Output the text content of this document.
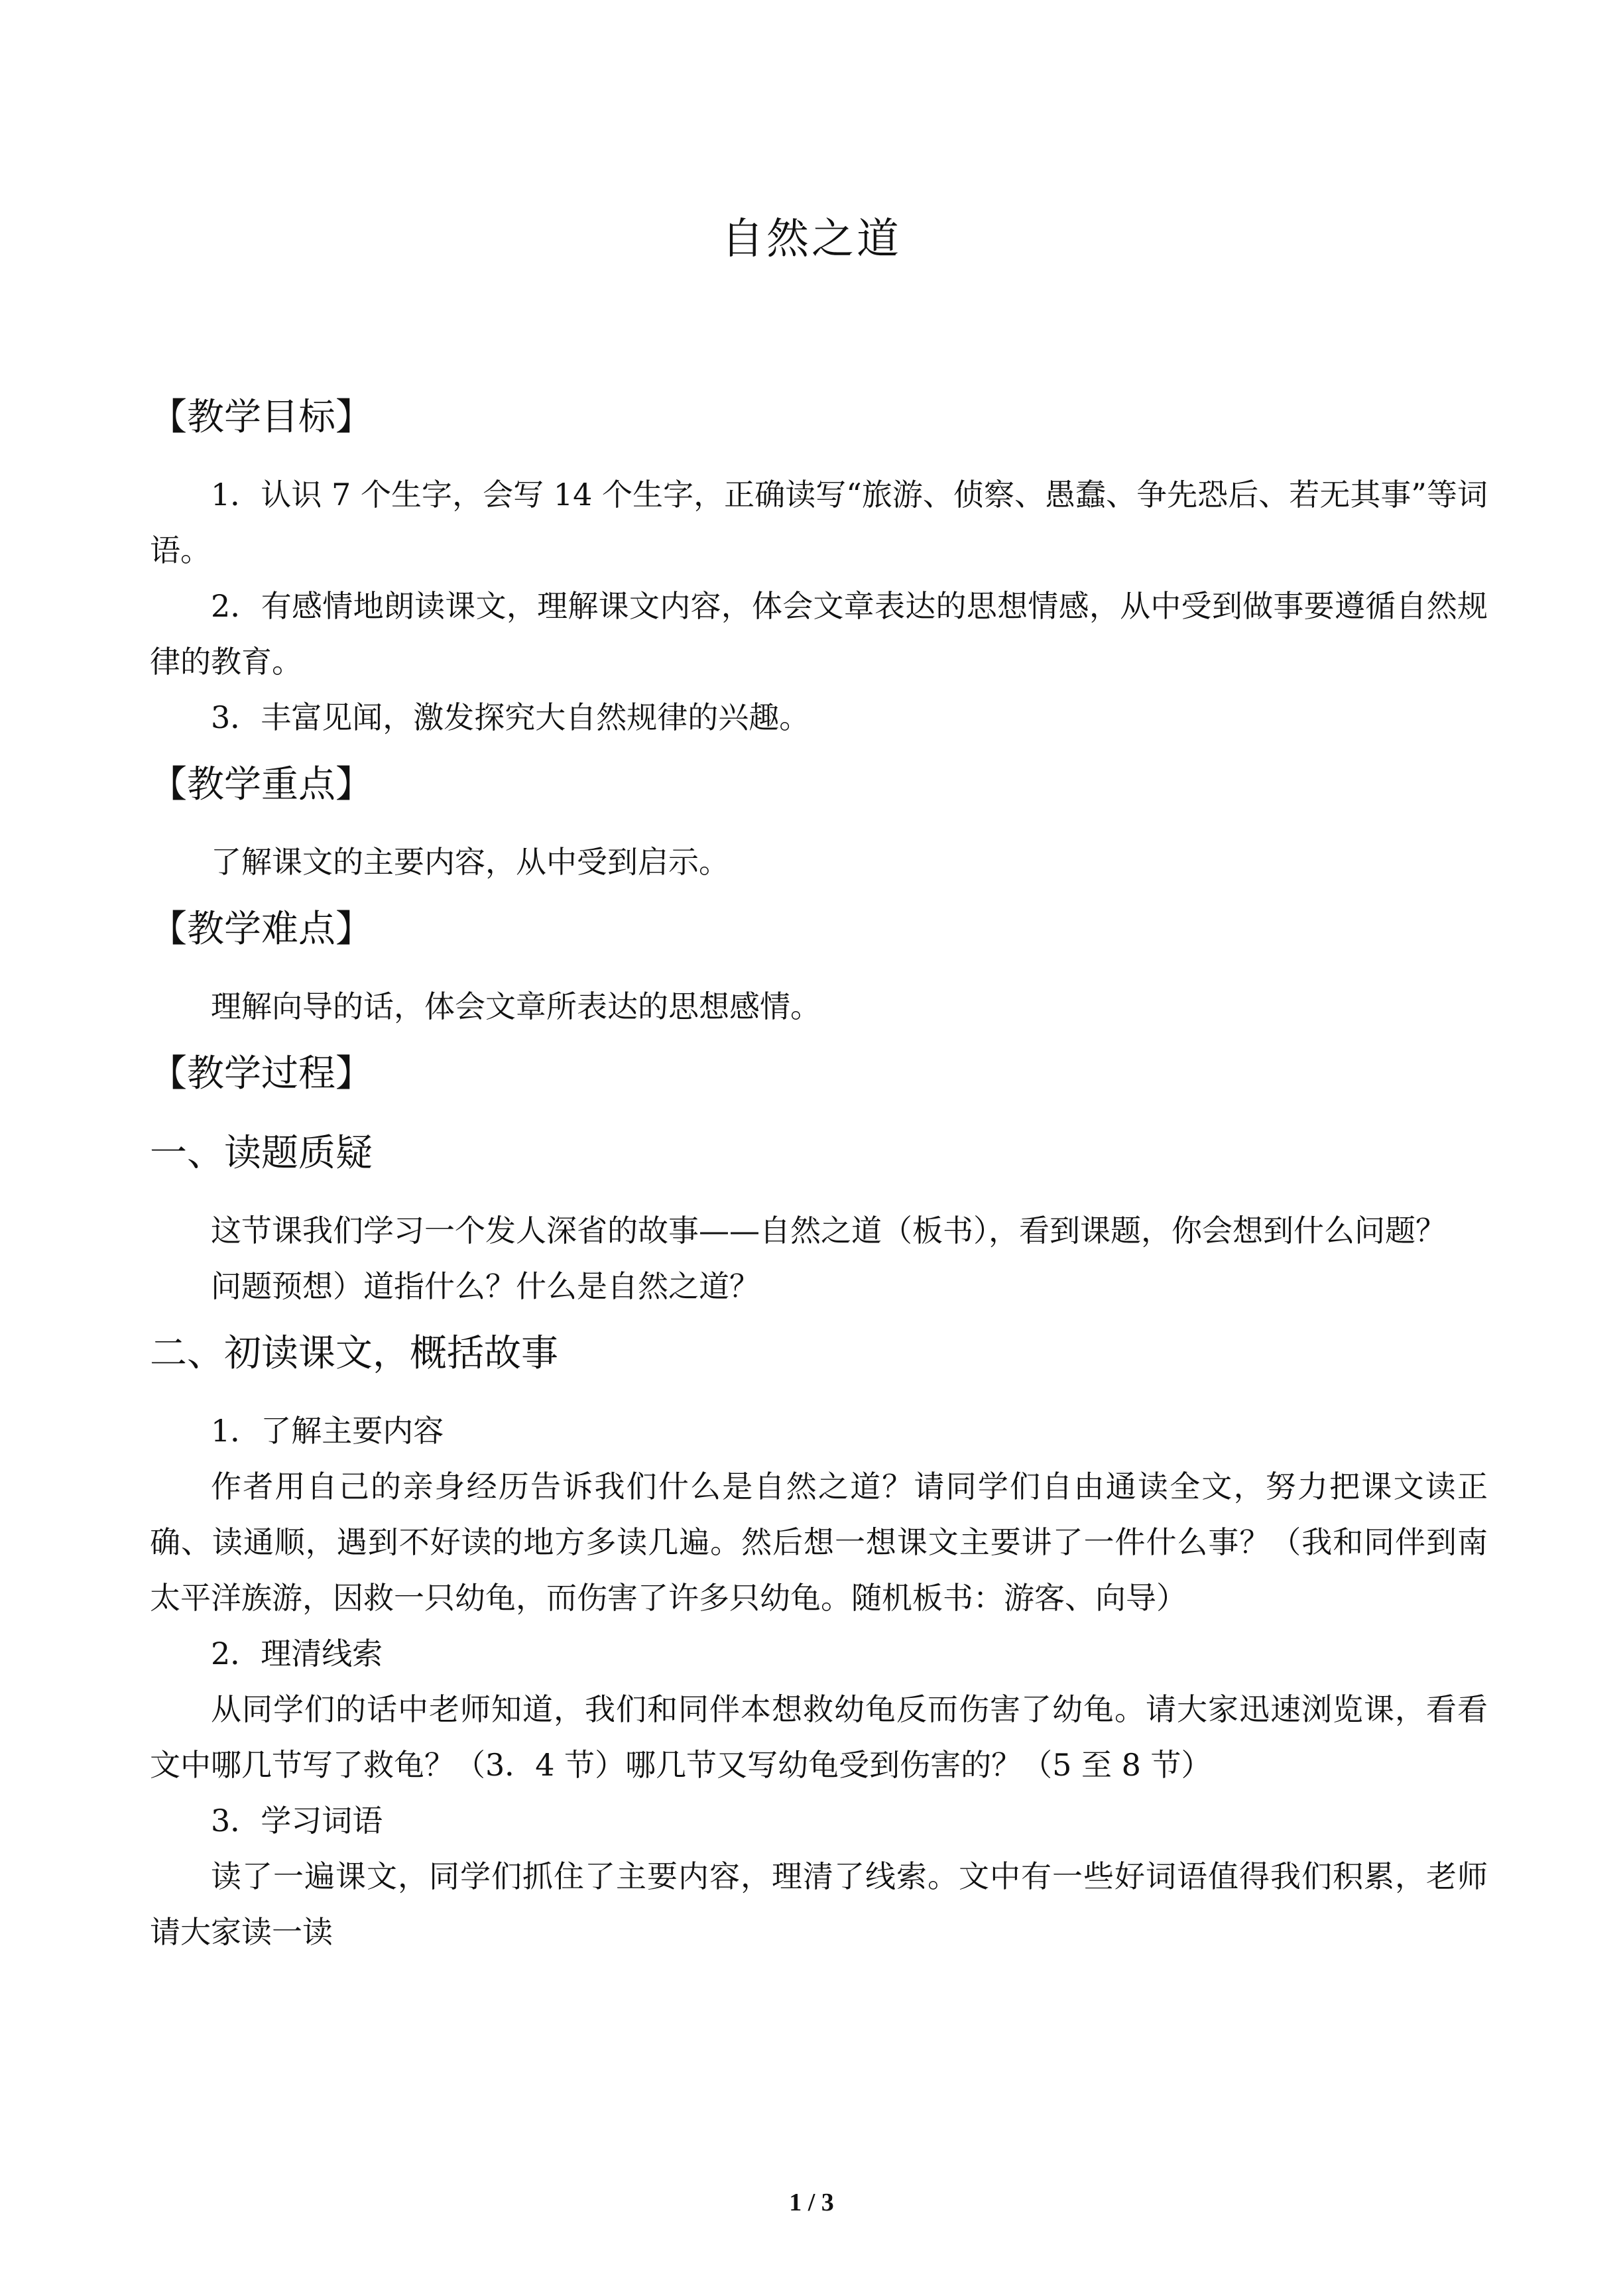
自然之道
【教学目标】

1．认识 7 个生字，会写 14 个生字，正确读写“旅游、侦察、愚蠢、争先恐后、若无其事”等词语。

2．有感情地朗读课文，理解课文内容，体会文章表达的思想情感，从中受到做事要遵循自然规律的教育。

3．丰富见闻，激发探究大自然规律的兴趣。

【教学重点】

了解课文的主要内容，从中受到启示。

【教学难点】

理解向导的话，体会文章所表达的思想感情。

【教学过程】
一、读题质疑

这节课我们学习一个发人深省的故事——自然之道（板书），看到课题，你会想到什么问题？

问题预想）道指什么？什么是自然之道？

二、初读课文，概括故事

1．了解主要内容

作者用自己的亲身经历告诉我们什么是自然之道？请同学们自由通读全文，努力把课文读正确、读通顺，遇到不好读的地方多读几遍。然后想一想课文主要讲了一件什么事？（我和同伴到南太平洋族游，因救一只幼龟，而伤害了许多只幼龟。随机板书：游客、向导）

2．理清线索

从同学们的话中老师知道，我们和同伴本想救幼龟反而伤害了幼龟。请大家迅速浏览课，看看文中哪几节写了救龟？（3．4 节）哪几节又写幼龟受到伤害的？（5 至 8 节）

3．学习词语

读了一遍课文，同学们抓住了主要内容，理清了线索。文中有一些好词语值得我们积累，老师请大家读一读

1 / 3
